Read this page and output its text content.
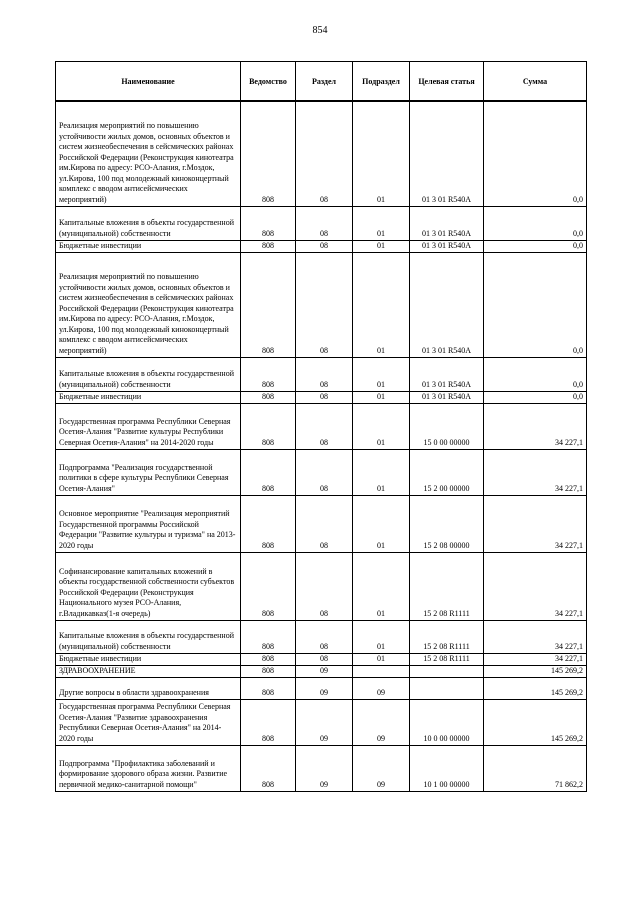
854
Наименование	Ведомство	Раздел	Подраздел	Целевая статья	Сумма

Реализация мероприятий по повышению устойчивости жилых домов, основных объектов и систем жизнеобеспечения в сейсмических районах Российской Федерации (Реконструкция кинотеатра им.Кирова по адресу: РСО-Алания, г.Моздок, ул.Кирова, 100 под молодежный киноконцертный комплекс с вводом антисейсмических мероприятий)	808	08	01	01 3 01 R540A	0,0

Капитальные вложения в объекты государственной (муниципальной) собственности	808	08	01	01 3 01 R540A	0,0

Бюджетные инвестиции	808	08	01	01 3 01 R540A	0,0

Реализация мероприятий по повышению устойчивости жилых домов, основных объектов и систем жизнеобеспечения в сейсмических районах Российской Федерации (Реконструкция кинотеатра им.Кирова по адресу: РСО-Алания, г.Моздок, ул.Кирова, 100 под молодежный киноконцертный комплекс с вводом антисейсмических мероприятий)	808	08	01	01 3 01 R540A	0,0

Капитальные вложения в объекты государственной (муниципальной) собственности	808	08	01	01 3 01 R540A	0,0

Бюджетные инвестиции	808	08	01	01 3 01 R540A	0,0

Государственная программа Республики Северная Осетия-Алания "Развитие культуры Республики Северная Осетия-Алания" на 2014-2020 годы	808	08	01	15 0 00 00000	34 227,1

Подпрограмма "Реализация государственной политики в сфере культуры Республики Северная Осетия-Алания"	808	08	01	15 2 00 00000	34 227,1

Основное мероприятие "Реализация мероприятий Государственной программы Российской Федерации "Развитие культуры и туризма" на 2013-2020 годы	808	08	01	15 2 08 00000	34 227,1

Софинансирование капитальных вложений в объекты государственной собственности субъектов Российской Федерации (Реконструкция Национального музея РСО-Алания, г.Владикавказ(1-я очередь)	808	08	01	15 2 08 R1111	34 227,1

Капитальные вложения в объекты государственной (муниципальной) собственности	808	08	01	15 2 08 R1111	34 227,1

Бюджетные инвестиции	808	08	01	15 2 08 R1111	34 227,1

ЗДРАВООХРАНЕНИЕ	808	09			145 269,2

Другие вопросы в области здравоохранения	808	09	09		145 269,2

Государственная программа Республики Северная Осетия-Алания "Развитие здравоохранения Республики Северная Осетия-Алания" на 2014-2020 годы	808	09	09	10 0 00 00000	145 269,2

Подпрограмма "Профилактика заболеваний и формирование здорового образа жизни. Развитие первичной медико-санитарной помощи"	808	09	09	10 1 00 00000	71 862,2
